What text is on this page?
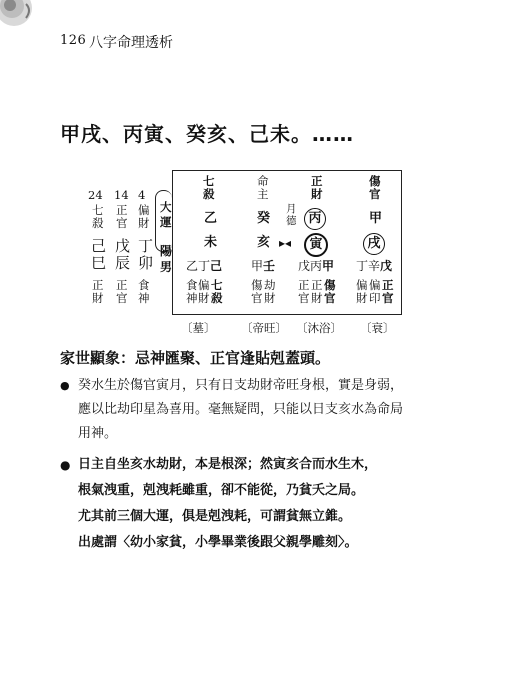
126 八字命理透析
甲戌、丙寅、癸亥、己未。……
24 14 4
七
殺
正
官
偏
財
大
運
己
巳
戊
辰
丁
卯
陽
男
正
財
正
官
食
神
七
殺
乙
未
乙丁己
食
神
偏
財
七
殺
命
主
癸
亥
甲壬
傷
官
劫
財
月
德
▸◂
正
財
丙
寅
戊丙甲
正
官
正
財
傷
官
傷
官
甲
戌
丁辛戊
偏
財
偏
印
正
官
〔墓〕 〔帝旺〕 〔沐浴〕 〔衰〕
家世顯象：忌神匯聚、正官逢貼剋蓋頭。
● 癸水生於傷官寅月，只有日支劫財帝旺身根，實是身弱，
應以比劫印星為喜用。毫無疑問，只能以日支亥水為命局
用神。
● 日主自坐亥水劫財，本是根深；然寅亥合而水生木，
根氣洩重，剋洩耗雖重，卻不能從，乃貧夭之局。
尤其前三個大運，俱是剋洩耗，可謂貧無立錐。
出處謂〈幼小家貧，小學畢業後跟父親學雕刻〉。
